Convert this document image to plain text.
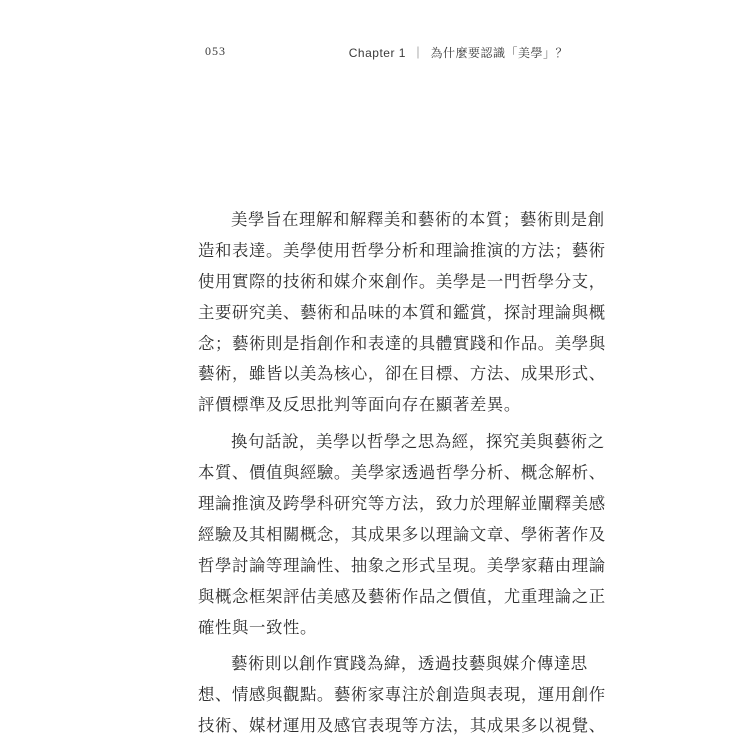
053	Chapter 1 ｜ 為什麼要認識「美學」？
美學旨在理解和解釋美和藝術的本質；藝術則是創
造和表達。美學使用哲學分析和理論推演的方法；藝術
使用實際的技術和媒介來創作。美學是一門哲學分支，
主要研究美、藝術和品味的本質和鑑賞，探討理論與概
念；藝術則是指創作和表達的具體實踐和作品。美學與
藝術，雖皆以美為核心，卻在目標、方法、成果形式、
評價標準及反思批判等面向存在顯著差異。
換句話說，美學以哲學之思為經，探究美與藝術之
本質、價值與經驗。美學家透過哲學分析、概念解析、
理論推演及跨學科研究等方法，致力於理解並闡釋美感
經驗及其相關概念，其成果多以理論文章、學術著作及
哲學討論等理論性、抽象之形式呈現。美學家藉由理論
與概念框架評估美感及藝術作品之價值，尤重理論之正
確性與一致性。
藝術則以創作實踐為緯，透過技藝與媒介傳達思
想、情感與觀點。藝術家專注於創造與表現，運用創作
技術、媒材運用及感官表現等方法，其成果多以視覺、
